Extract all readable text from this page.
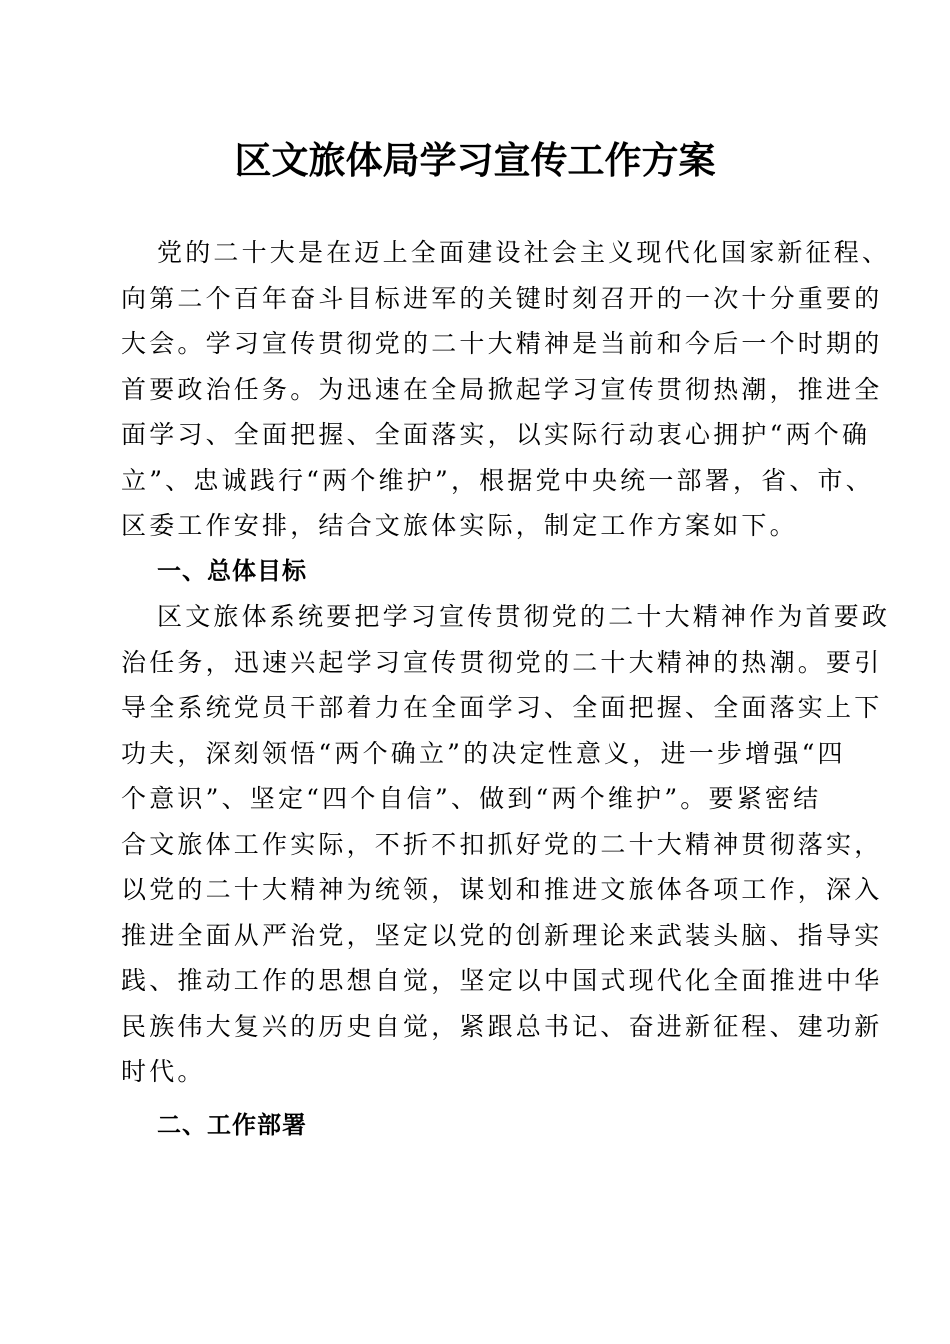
区文旅体局学习宣传工作方案
党的二十大是在迈上全面建设社会主义现代化国家新征程、
向第二个百年奋斗目标进军的关键时刻召开的一次十分重要的
大会。学习宣传贯彻党的二十大精神是当前和今后一个时期的
首要政治任务。为迅速在全局掀起学习宣传贯彻热潮，推进全
面学习、全面把握、全面落实，以实际行动衷心拥护“两个确
立”、忠诚践行“两个维护”，根据党中央统一部署，省、市、
区委工作安排，结合文旅体实际，制定工作方案如下。
一、总体目标
区文旅体系统要把学习宣传贯彻党的二十大精神作为首要政
治任务，迅速兴起学习宣传贯彻党的二十大精神的热潮。要引
导全系统党员干部着力在全面学习、全面把握、全面落实上下
功夫，深刻领悟“两个确立”的决定性意义，进一步增强“四
个意识”、坚定“四个自信”、做到“两个维护”。要紧密结
合文旅体工作实际，不折不扣抓好党的二十大精神贯彻落实，
以党的二十大精神为统领，谋划和推进文旅体各项工作，深入
推进全面从严治党，坚定以党的创新理论来武装头脑、指导实
践、推动工作的思想自觉，坚定以中国式现代化全面推进中华
民族伟大复兴的历史自觉，紧跟总书记、奋进新征程、建功新
时代。
二、工作部署
